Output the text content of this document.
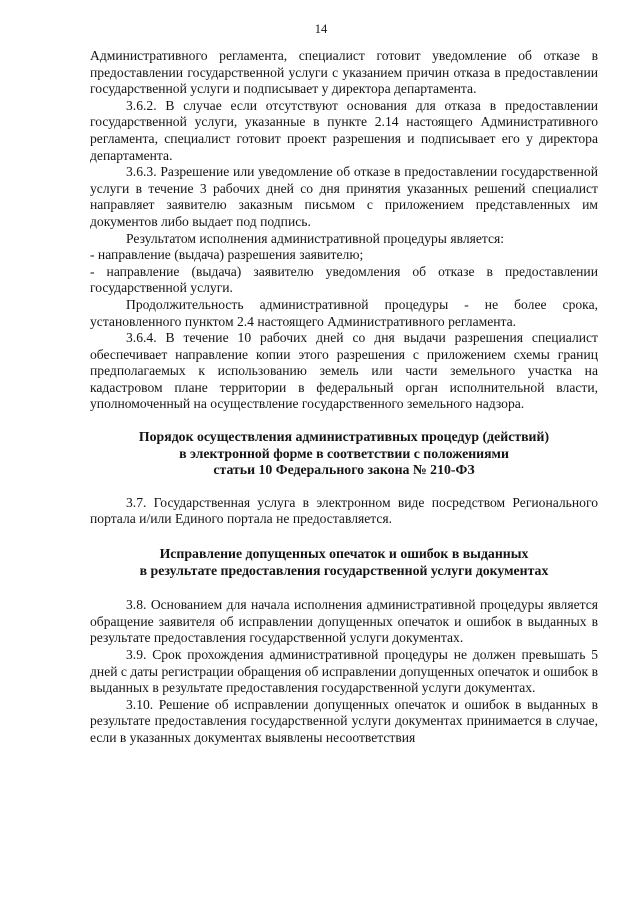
14

Административного регламента, специалист готовит уведомление об отказе в предоставлении государственной услуги с указанием причин отказа в предоставлении государственной услуги и подписывает у директора департамента.

3.6.2. В случае если отсутствуют основания для отказа в предоставлении государственной услуги, указанные в пункте 2.14 настоящего Административного регламента, специалист готовит проект разрешения и подписывает его у директора департамента.

3.6.3. Разрешение или уведомление об отказе в предоставлении государственной услуги в течение 3 рабочих дней со дня принятия указанных решений специалист направляет заявителю заказным письмом с приложением представленных им документов либо выдает под подпись.

Результатом исполнения административной процедуры является:

- направление (выдача) разрешения заявителю;

- направление (выдача) заявителю уведомления об отказе в предоставлении государственной услуги.

Продолжительность административной процедуры - не более срока, установленного пунктом 2.4 настоящего Административного регламента.

3.6.4. В течение 10 рабочих дней со дня выдачи разрешения специалист обеспечивает направление копии этого разрешения с приложением схемы границ предполагаемых к использованию земель или части земельного участка на кадастровом плане территории в федеральный орган исполнительной власти, уполномоченный на осуществление государственного земельного надзора.

Порядок осуществления административных процедур (действий)
в электронной форме в соответствии с положениями
статьи 10 Федерального закона № 210-ФЗ

3.7. Государственная услуга в электронном виде посредством Регионального портала и/или Единого портала не предоставляется.

Исправление допущенных опечаток и ошибок в выданных
в результате предоставления государственной услуги документах

3.8. Основанием для начала исполнения административной процедуры является обращение заявителя об исправлении допущенных опечаток и ошибок в выданных в результате предоставления государственной услуги документах.

3.9. Срок прохождения административной процедуры не должен превышать 5 дней с даты регистрации обращения об исправлении допущенных опечаток и ошибок в выданных в результате предоставления государственной услуги документах.

3.10. Решение об исправлении допущенных опечаток и ошибок в выданных в результате предоставления государственной услуги документах принимается в случае, если в указанных документах выявлены несоответствия
